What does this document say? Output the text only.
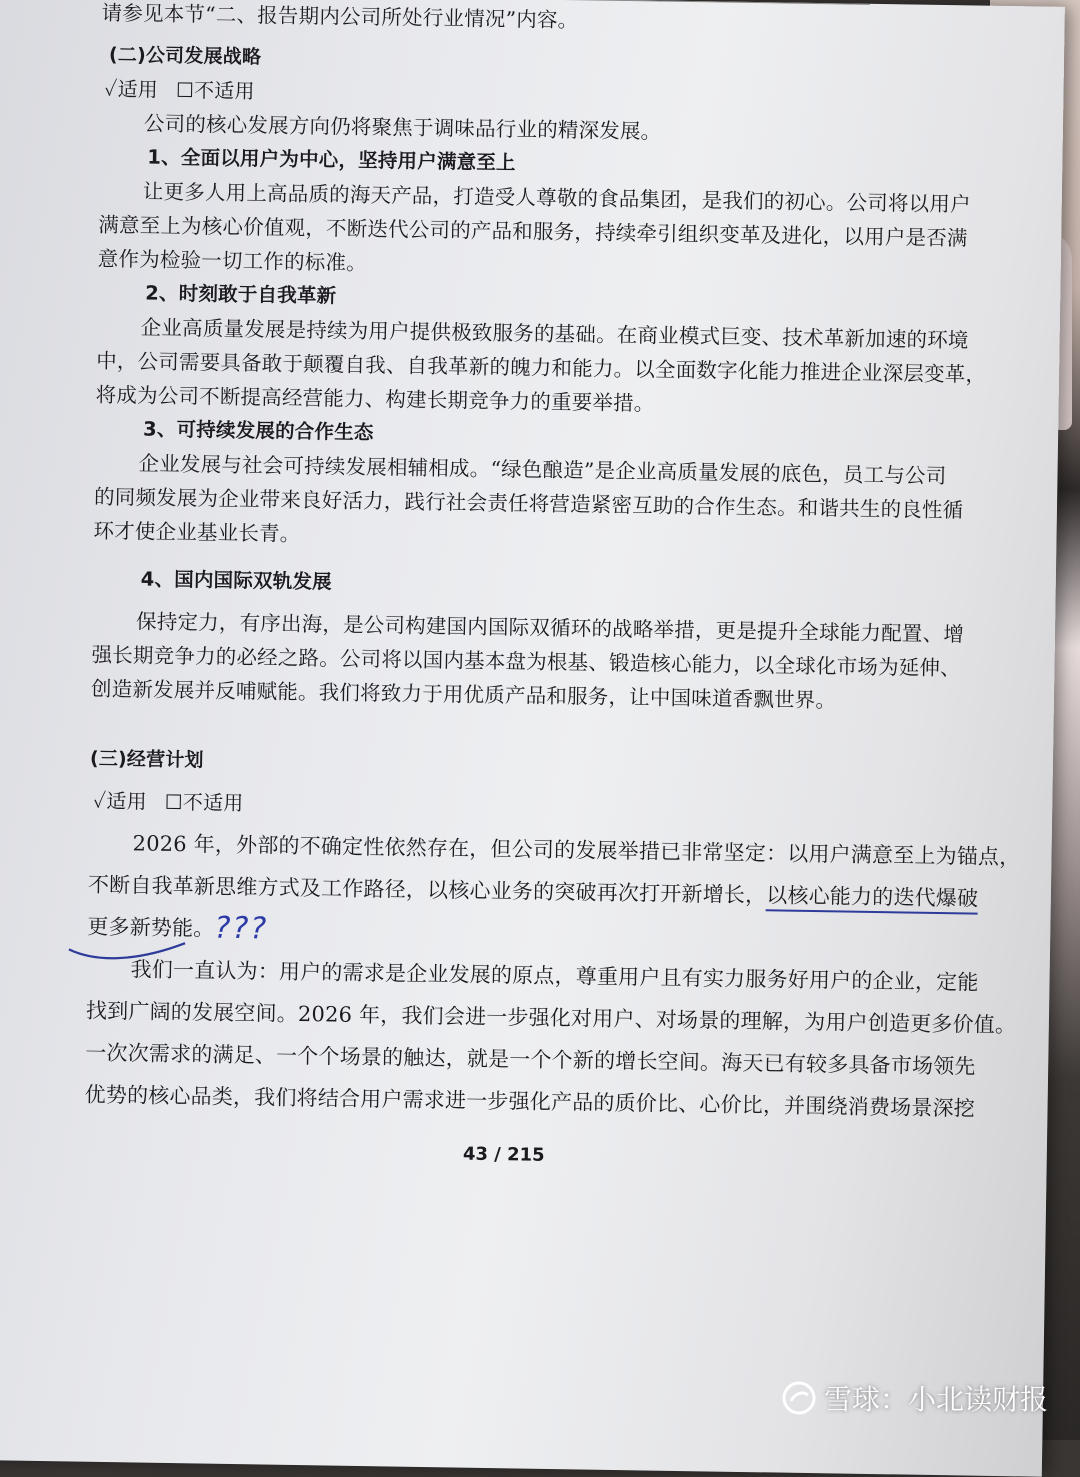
请参见本节“二、报告期内公司所处行业情况”内容。
(二)公司发展战略
✓适用 ☐不适用
公司的核心发展方向仍将聚焦于调味品行业的精深发展。
1、全面以用户为中心，坚持用户满意至上
让更多人用上高品质的海天产品，打造受人尊敬的食品集团，是我们的初心。公司将以用户
满意至上为核心价值观，不断迭代公司的产品和服务，持续牵引组织变革及进化，以用户是否满
意作为检验一切工作的标准。
2、时刻敢于自我革新
企业高质量发展是持续为用户提供极致服务的基础。在商业模式巨变、技术革新加速的环境
中，公司需要具备敢于颠覆自我、自我革新的魄力和能力。以全面数字化能力推进企业深层变革，
将成为公司不断提高经营能力、构建长期竞争力的重要举措。
3、可持续发展的合作生态
企业发展与社会可持续发展相辅相成。“绿色酿造”是企业高质量发展的底色，员工与公司
的同频发展为企业带来良好活力，践行社会责任将营造紧密互助的合作生态。和谐共生的良性循
环才使企业基业长青。
4、国内国际双轨发展
保持定力，有序出海，是公司构建国内国际双循环的战略举措，更是提升全球能力配置、增
强长期竞争力的必经之路。公司将以国内基本盘为根基、锻造核心能力，以全球化市场为延伸、
创造新发展并反哺赋能。我们将致力于用优质产品和服务，让中国味道香飘世界。
(三)经营计划
✓适用 ☐不适用
2026 年，外部的不确定性依然存在，但公司的发展举措已非常坚定：以用户满意至上为锚点，
不断自我革新思维方式及工作路径，以核心业务的突破再次打开新增长，以核心能力的迭代爆破
更多新势能。???
我们一直认为：用户的需求是企业发展的原点，尊重用户且有实力服务好用户的企业，定能
找到广阔的发展空间。2026 年，我们会进一步强化对用户、对场景的理解，为用户创造更多价值。
一次次需求的满足、一个个场景的触达，就是一个个新的增长空间。海天已有较多具备市场领先
优势的核心品类，我们将结合用户需求进一步强化产品的质价比、心价比，并围绕消费场景深挖
43 / 215
雪球：小北读财报
